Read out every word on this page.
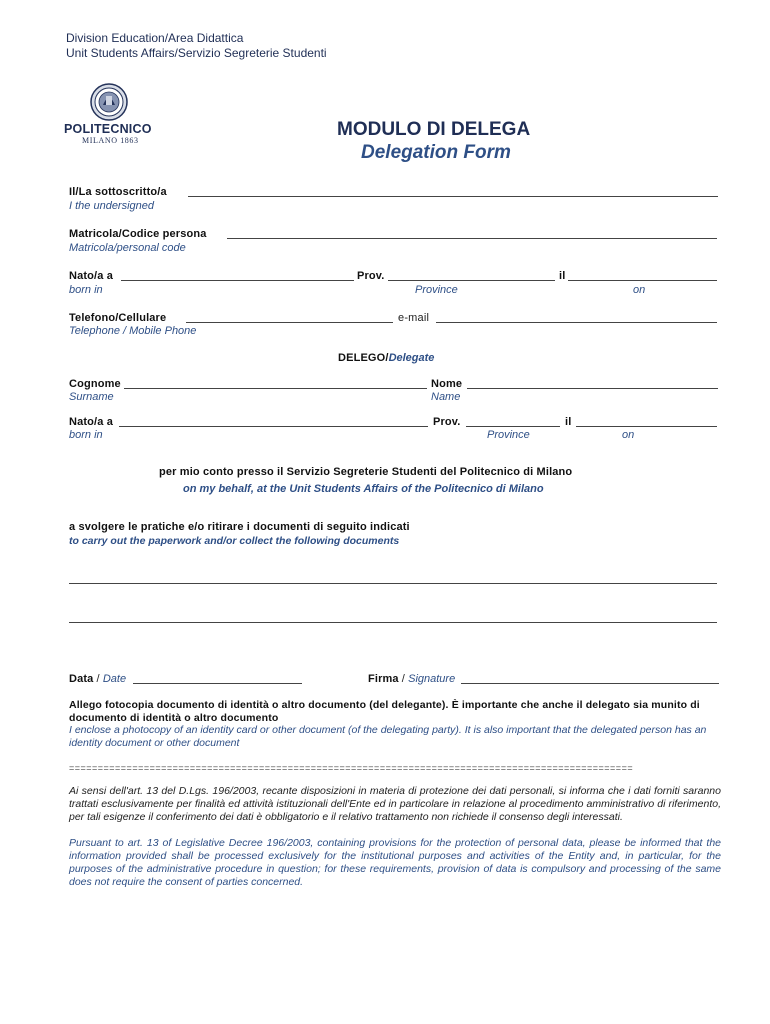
Division Education/Area Didattica
Unit Students Affairs/Servizio Segreterie Studenti
POLITECNICO
MILANO 1863
MODULO DI DELEGA
Delegation Form
Il/La sottoscritto/a
I the undersigned
Matricola/Codice persona
Matricola/personal code
Nato/a a	Prov.	il
born in	Province	on
Telefono/Cellulare	e-mail
Telephone / Mobile Phone
DELEGO/Delegate
Cognome	Nome
Surname	Name
Nato/a a	Prov.	il
born in	Province	on
per mio conto presso il Servizio Segreterie Studenti del Politecnico di Milano
on my behalf, at the Unit Students Affairs of the Politecnico di Milano
a svolgere le pratiche e/o ritirare i documenti di seguito indicati
to carry out the paperwork and/or collect the following documents
Data / Date	Firma / Signature
Allego fotocopia documento di identità o altro documento (del delegante). È importante che anche il delegato sia munito di documento di identità o altro documento
I enclose a photocopy of an identity card or other document (of the delegating party). It is also important that the delegated person has an identity document or other document
==================================================================================================
Ai sensi dell'art. 13 del D.Lgs. 196/2003, recante disposizioni in materia di protezione dei dati personali, si informa che i dati forniti saranno trattati esclusivamente per finalità ed attività istituzionali dell'Ente ed in particolare in relazione al procedimento amministrativo di riferimento, per tali esigenze il conferimento dei dati è obbligatorio e il relativo trattamento non richiede il consenso degli interessati.
Pursuant to art. 13 of Legislative Decree 196/2003, containing provisions for the protection of personal data, please be informed that the information provided shall be processed exclusively for the institutional purposes and activities of the Entity and, in particular, for the purposes of the administrative procedure in question; for these requirements, provision of data is compulsory and processing of the same does not require the consent of parties concerned.
